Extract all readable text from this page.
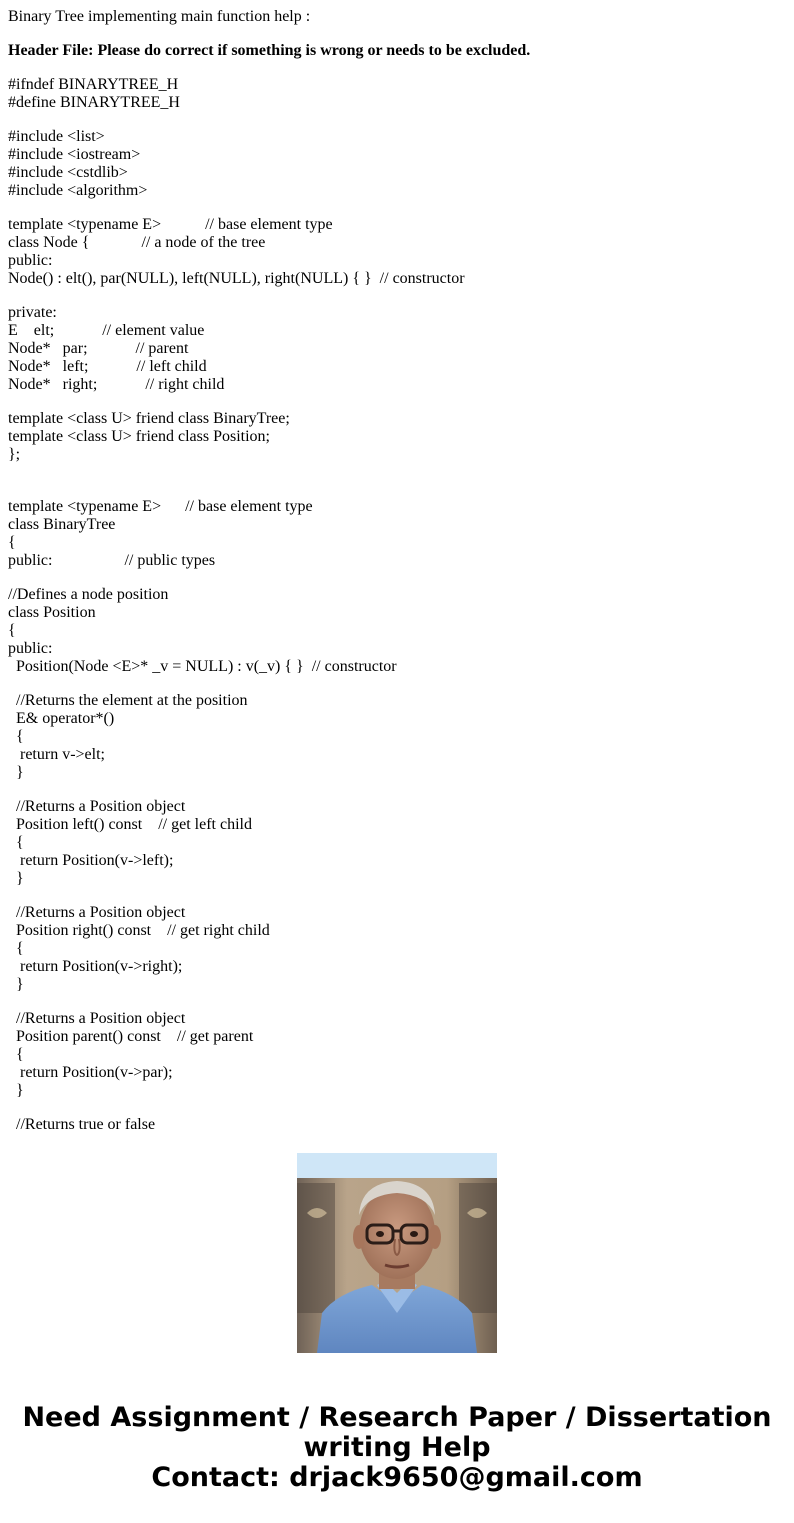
Binary Tree implementing main function help :
Header File: Please do correct if something is wrong or needs to be excluded.
#ifndef BINARYTREE_H
#define BINARYTREE_H
#include <list>
#include <iostream>
#include <cstdlib>
#include <algorithm>
template <typename E>           // base element type
class Node {             // a node of the tree
public:
Node() : elt(), par(NULL), left(NULL), right(NULL) { }  // constructor
private:
E    elt;            // element value
Node*   par;            // parent
Node*   left;            // left child
Node*   right;            // right child
template <class U> friend class BinaryTree;
template <class U> friend class Position;
};
template <typename E>      // base element type
class BinaryTree
{
public:                  // public types
//Defines a node position
class Position
{
public:
Position(Node <E>* _v = NULL) : v(_v) { }  // constructor
//Returns the element at the position
E& operator*()
{
return v->elt;
}
//Returns a Position object
Position left() const    // get left child
{
return Position(v->left);
}
//Returns a Position object
Position right() const    // get right child
{
return Position(v->right);
}
//Returns a Position object
Position parent() const    // get parent
{
return Position(v->par);
}
//Returns true or false
Need Assignment / Research Paper / Dissertation
writing Help
Contact: drjack9650@gmail.com
